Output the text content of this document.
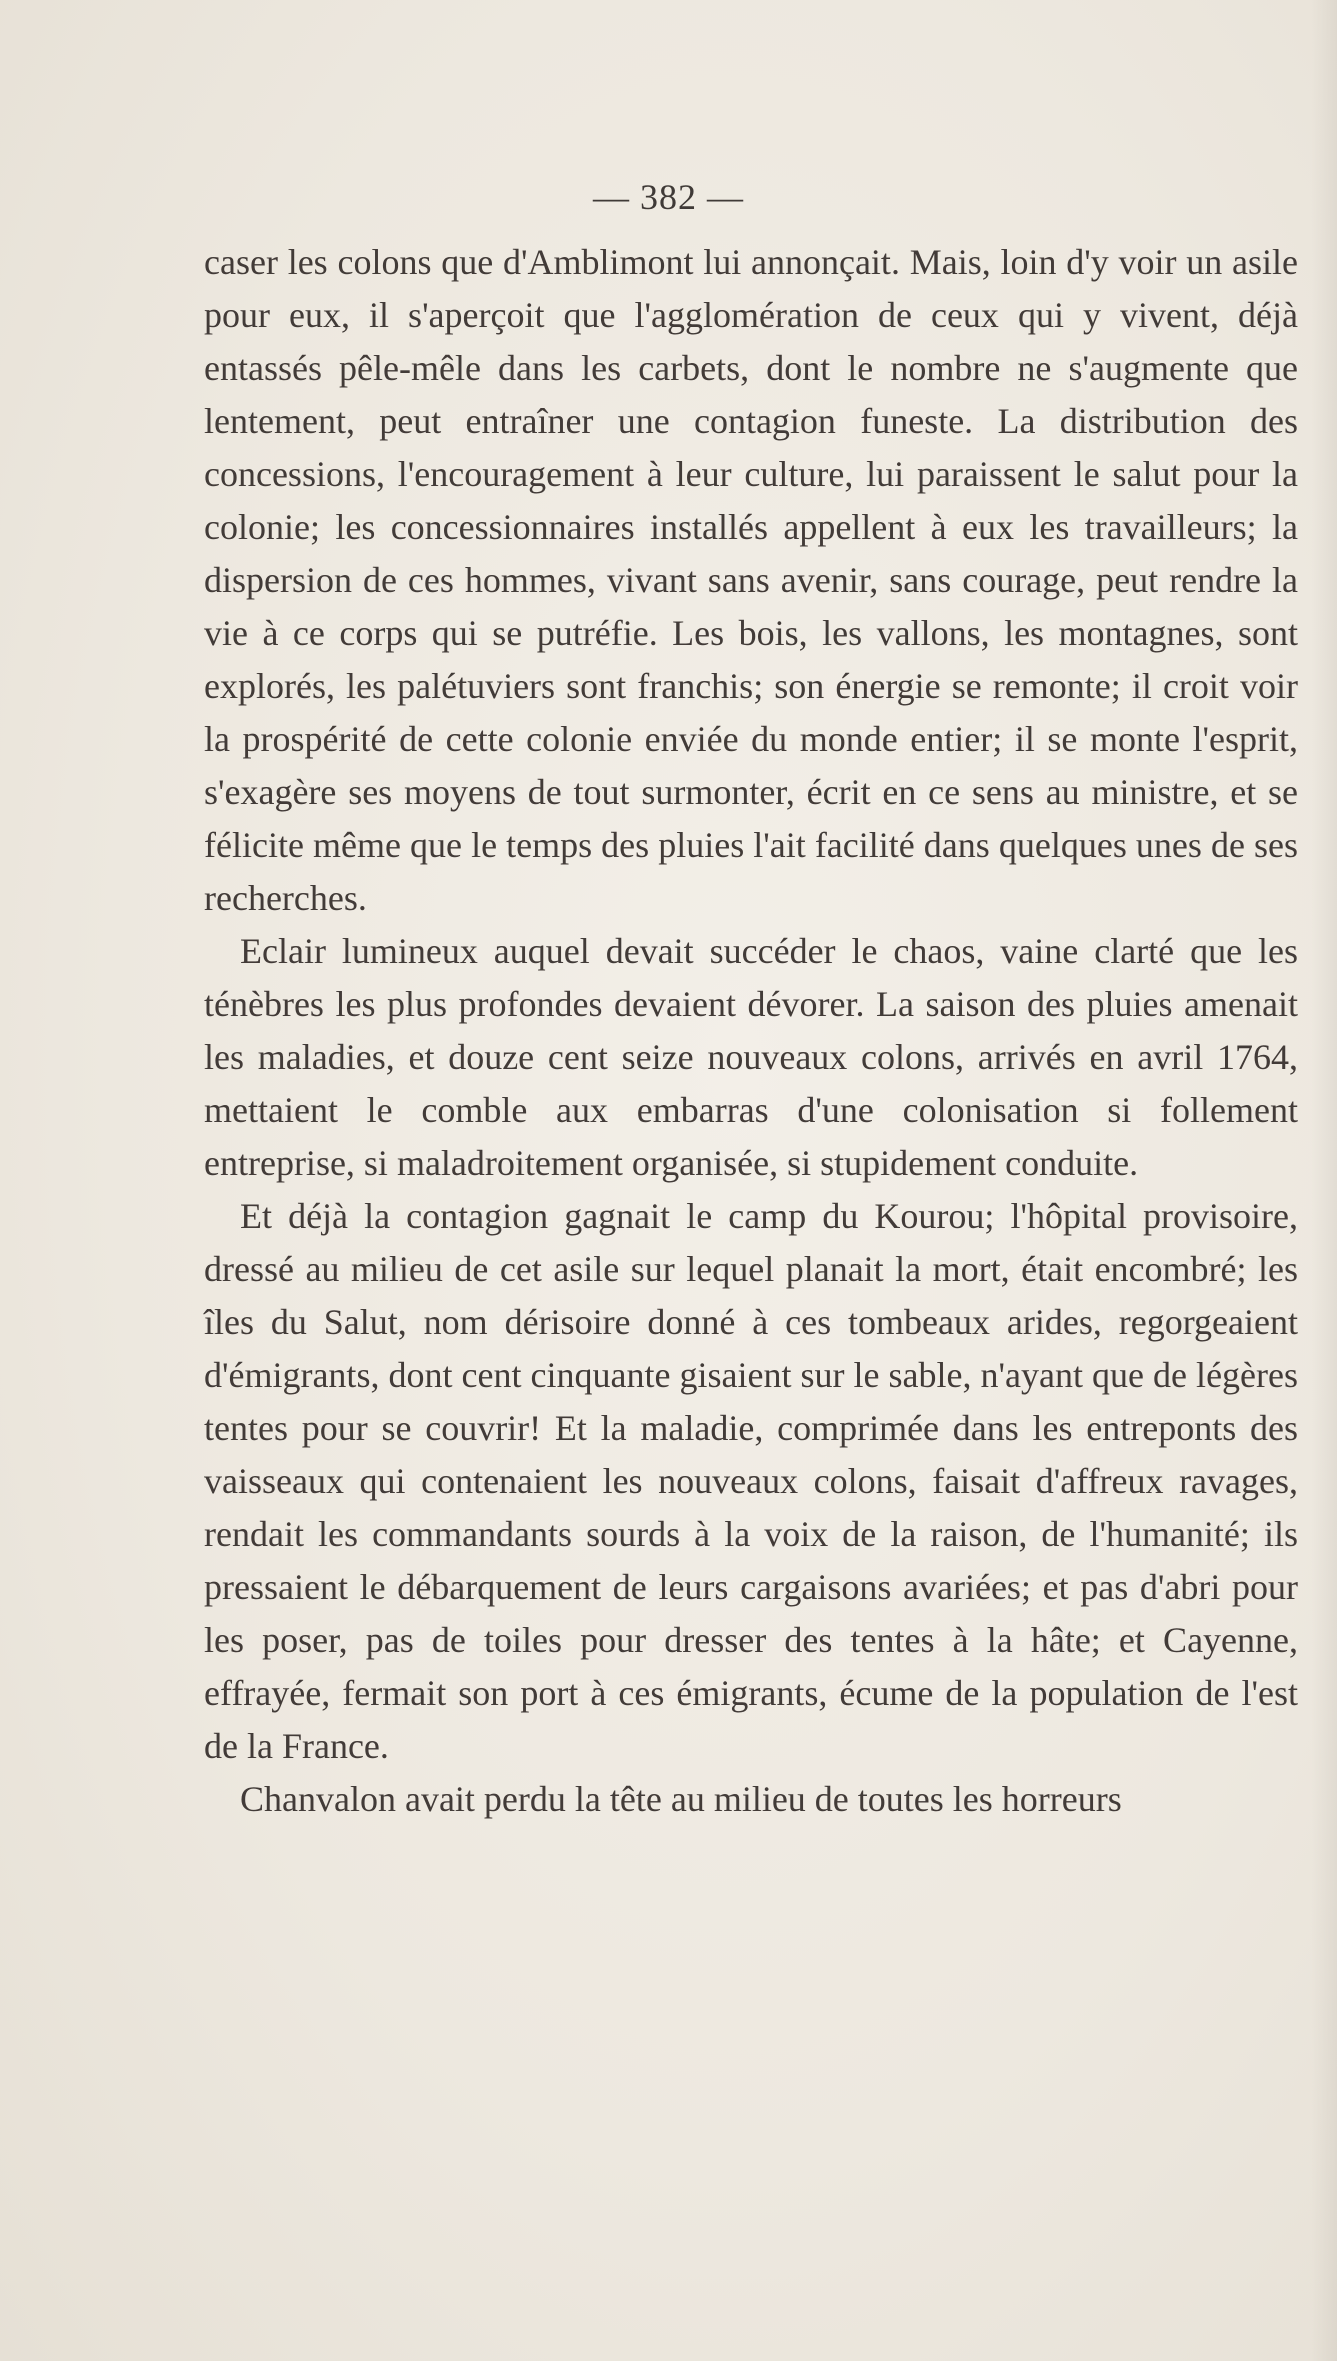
— 382 —

caser les colons que d'Amblimont lui annonçait. Mais, loin d'y voir un asile pour eux, il s'aperçoit que l'agglomération de ceux qui y vivent, déjà entassés pêle-mêle dans les carbets, dont le nombre ne s'augmente que lentement, peut entraîner une contagion funeste. La distribution des concessions, l'encouragement à leur culture, lui paraissent le salut pour la colonie; les concessionnaires installés appellent à eux les travailleurs; la dispersion de ces hommes, vivant sans avenir, sans courage, peut rendre la vie à ce corps qui se putréfie. Les bois, les vallons, les montagnes, sont explorés, les palétuviers sont franchis; son énergie se remonte; il croit voir la prospérité de cette colonie enviée du monde entier; il se monte l'esprit, s'exagère ses moyens de tout surmonter, écrit en ce sens au ministre, et se félicite même que le temps des pluies l'ait facilité dans quelques unes de ses recherches.

Eclair lumineux auquel devait succéder le chaos, vaine clarté que les ténèbres les plus profondes devaient dévorer. La saison des pluies amenait les maladies, et douze cent seize nouveaux colons, arrivés en avril 1764, mettaient le comble aux embarras d'une colonisation si follement entreprise, si maladroitement organisée, si stupidement conduite.

Et déjà la contagion gagnait le camp du Kourou; l'hôpital provisoire, dressé au milieu de cet asile sur lequel planait la mort, était encombré; les îles du Salut, nom dérisoire donné à ces tombeaux arides, regorgeaient d'émigrants, dont cent cinquante gisaient sur le sable, n'ayant que de légères tentes pour se couvrir! Et la maladie, comprimée dans les entreponts des vaisseaux qui contenaient les nouveaux colons, faisait d'affreux ravages, rendait les commandants sourds à la voix de la raison, de l'humanité; ils pressaient le débarquement de leurs cargaisons avariées; et pas d'abri pour les poser, pas de toiles pour dresser des tentes à la hâte; et Cayenne, effrayée, fermait son port à ces émigrants, écume de la population de l'est de la France.

Chanvalon avait perdu la tête au milieu de toutes les horreurs
